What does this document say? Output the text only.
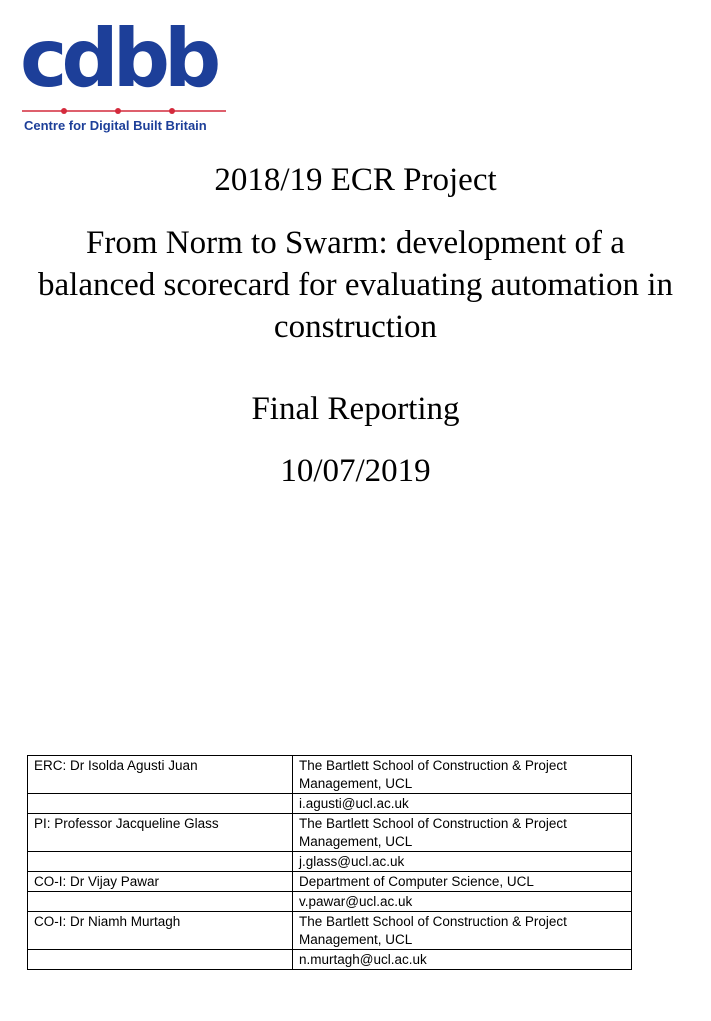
cdbb
Centre for Digital Built Britain
2018/19 ECR Project
From Norm to Swarm: development of a balanced scorecard for evaluating automation in construction
Final Reporting
10/07/2019
ERC: Dr Isolda Agusti Juan	The Bartlett School of Construction & Project Management, UCL
	i.agusti@ucl.ac.uk
PI: Professor Jacqueline Glass	The Bartlett School of Construction & Project Management, UCL
	j.glass@ucl.ac.uk
CO-I: Dr Vijay Pawar	Department of Computer Science, UCL
	v.pawar@ucl.ac.uk
CO-I: Dr Niamh Murtagh	The Bartlett School of Construction & Project Management, UCL
	n.murtagh@ucl.ac.uk
